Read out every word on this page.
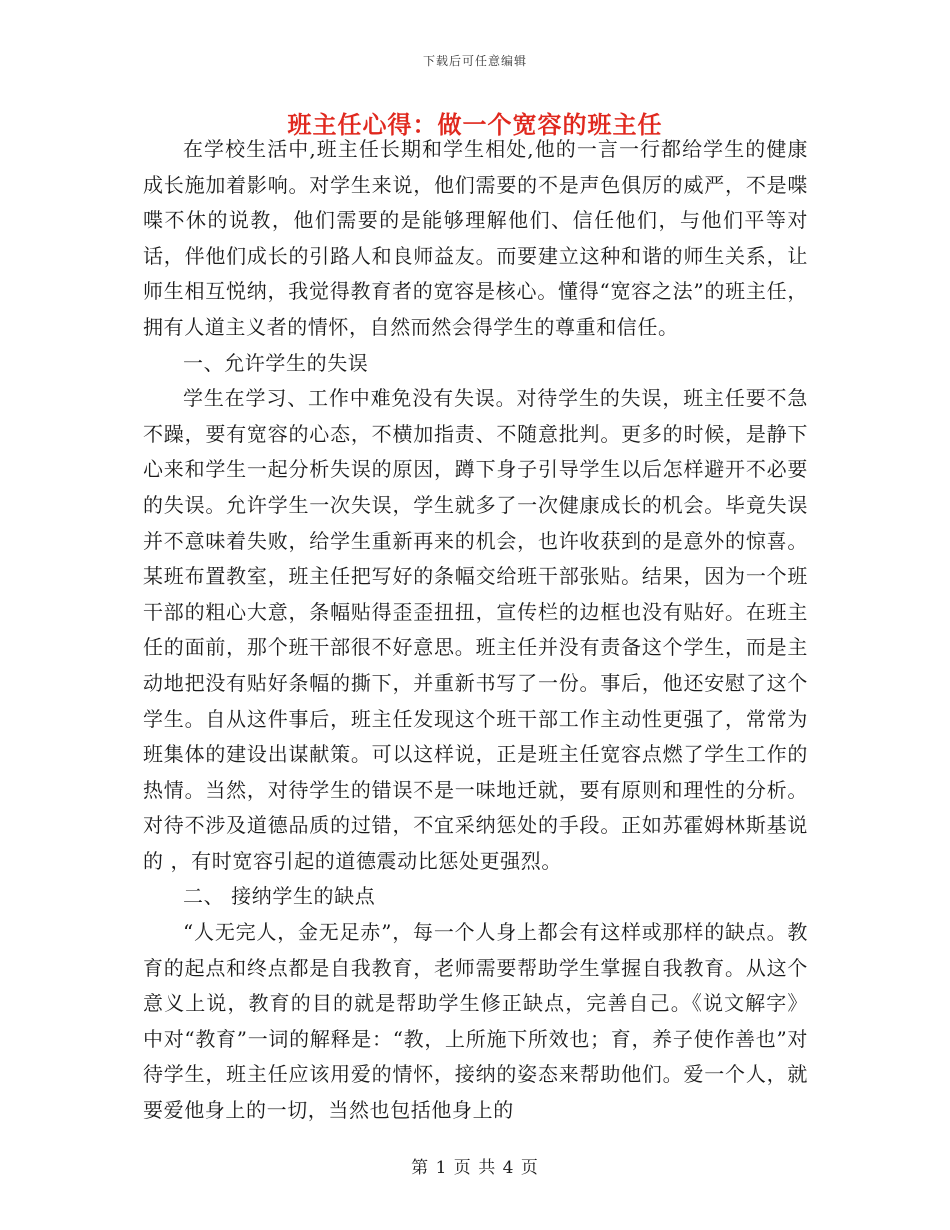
下载后可任意编辑
班主任心得：做一个宽容的班主任

在学校生活中,班主任长期和学生相处,他的一言一行都给学生的健康成长施加着影响。对学生来说，他们需要的不是声色俱厉的威严，不是喋喋不休的说教，他们需要的是能够理解他们、信任他们，与他们平等对话，伴他们成长的引路人和良师益友。而要建立这种和谐的师生关系，让师生相互悦纳，我觉得教育者的宽容是核心。懂得“宽容之法”的班主任，拥有人道主义者的情怀，自然而然会得学生的尊重和信任。

一、允许学生的失误

学生在学习、工作中难免没有失误。对待学生的失误，班主任要不急不躁，要有宽容的心态，不横加指责、不随意批判。更多的时候，是静下心来和学生一起分析失误的原因，蹲下身子引导学生以后怎样避开不必要的失误。允许学生一次失误，学生就多了一次健康成长的机会。毕竟失误并不意味着失败，给学生重新再来的机会，也许收获到的是意外的惊喜。某班布置教室，班主任把写好的条幅交给班干部张贴。结果，因为一个班干部的粗心大意，条幅贴得歪歪扭扭，宣传栏的边框也没有贴好。在班主任的面前，那个班干部很不好意思。班主任并没有责备这个学生，而是主动地把没有贴好条幅的撕下，并重新书写了一份。事后，他还安慰了这个学生。自从这件事后，班主任发现这个班干部工作主动性更强了，常常为班集体的建设出谋献策。可以这样说，正是班主任宽容点燃了学生工作的热情。当然，对待学生的错误不是一味地迁就，要有原则和理性的分析。对待不涉及道德品质的过错，不宜采纳惩处的手段。正如苏霍姆林斯基说的 ，有时宽容引起的道德震动比惩处更强烈。

二、 接纳学生的缺点

“人无完人，金无足赤”，每一个人身上都会有这样或那样的缺点。教育的起点和终点都是自我教育，老师需要帮助学生掌握自我教育。从这个意义上说，教育的目的就是帮助学生修正缺点，完善自己。《说文解字》中对“教育”一词的解释是：“教，上所施下所效也；育，养子使作善也”对待学生，班主任应该用爱的情怀，接纳的姿态来帮助他们。爱一个人，就要爱他身上的一切，当然也包括他身上的

第 1 页 共 4 页
